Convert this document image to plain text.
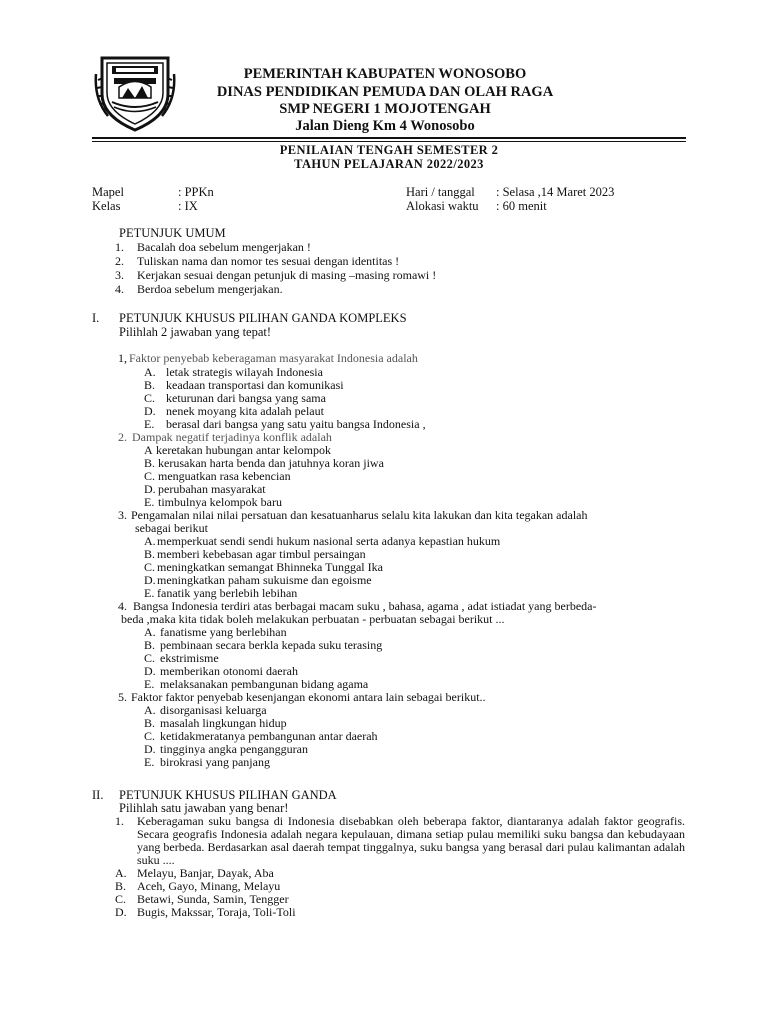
PEMERINTAH KABUPATEN WONOSOBO
DINAS PENDIDIKAN PEMUDA DAN OLAH RAGA
SMP NEGERI 1 MOJOTENGAH
Jalan Dieng Km 4 Wonosobo
PENILAIAN TENGAH SEMESTER 2
TAHUN PELAJARAN 2022/2023
Mapel	: PPKn
Kelas	: IX
Hari / tanggal : Selasa ,14 Maret 2023
Alokasi waktu : 60 menit
PETUNJUK UMUM
1. Bacalah doa sebelum mengerjakan !
2. Tuliskan nama dan nomor tes sesuai dengan identitas !
3. Kerjakan sesuai dengan petunjuk di masing –masing romawi !
4. Berdoa sebelum mengerjakan.
I. PETUNJUK KHUSUS PILIHAN GANDA KOMPLEKS
Pilihlah 2 jawaban yang tepat!
1, Faktor penyebab keberagaman masyarakat Indonesia adalah
A. letak strategis wilayah Indonesia
B. keadaan transportasi dan komunikasi
C. keturunan dari bangsa yang sama
D. nenek moyang kita adalah pelaut
E. berasal dari bangsa yang satu yaitu bangsa Indonesia ,
2. Dampak negatif terjadinya konflik adalah
A keretakan hubungan antar kelompok
B. kerusakan harta benda dan jatuhnya koran jiwa
C. menguatkan rasa kebencian
D. perubahan masyarakat
E. timbulnya kelompok baru
3. Pengamalan nilai nilai persatuan dan kesatuanharus selalu kita lakukan dan kita tegakan adalah
sebagai berikut
A. memperkuat sendi sendi hukum nasional serta adanya kepastian hukum
B. memberi kebebasan agar timbul persaingan
C. meningkatkan semangat Bhinneka Tunggal Ika
D. meningkatkan paham sukuisme dan egoisme
E. fanatik yang berlebih lebihan
4. Bangsa Indonesia terdiri atas berbagai macam suku , bahasa, agama , adat istiadat yang berbeda-
beda ,maka kita tidak boleh melakukan perbuatan - perbuatan sebagai berikut ...
A. fanatisme yang berlebihan
B. pembinaan secara berkla kepada suku terasing
C. ekstrimisme
D. memberikan otonomi daerah
E. melaksanakan pembangunan bidang agama
5. Faktor faktor penyebab kesenjangan ekonomi antara lain sebagai berikut..
A. disorganisasi keluarga
B. masalah lingkungan hidup
C. ketidakmeratanya pembangunan antar daerah
D. tingginya angka pengangguran
E. birokrasi yang panjang
II. PETUNJUK KHUSUS PILIHAN GANDA
Pilihlah satu jawaban yang benar!
1. Keberagaman suku bangsa di Indonesia disebabkan oleh beberapa faktor, diantaranya adalah faktor geografis. Secara geografis Indonesia adalah negara kepulauan, dimana setiap pulau memiliki suku bangsa dan kebudayaan yang berbeda. Berdasarkan asal daerah tempat tinggalnya, suku bangsa yang berasal dari pulau kalimantan adalah suku ....
A. Melayu, Banjar, Dayak, Aba
B. Aceh, Gayo, Minang, Melayu
C. Betawi, Sunda, Samin, Tengger
D. Bugis, Makssar, Toraja, Toli-Toli
